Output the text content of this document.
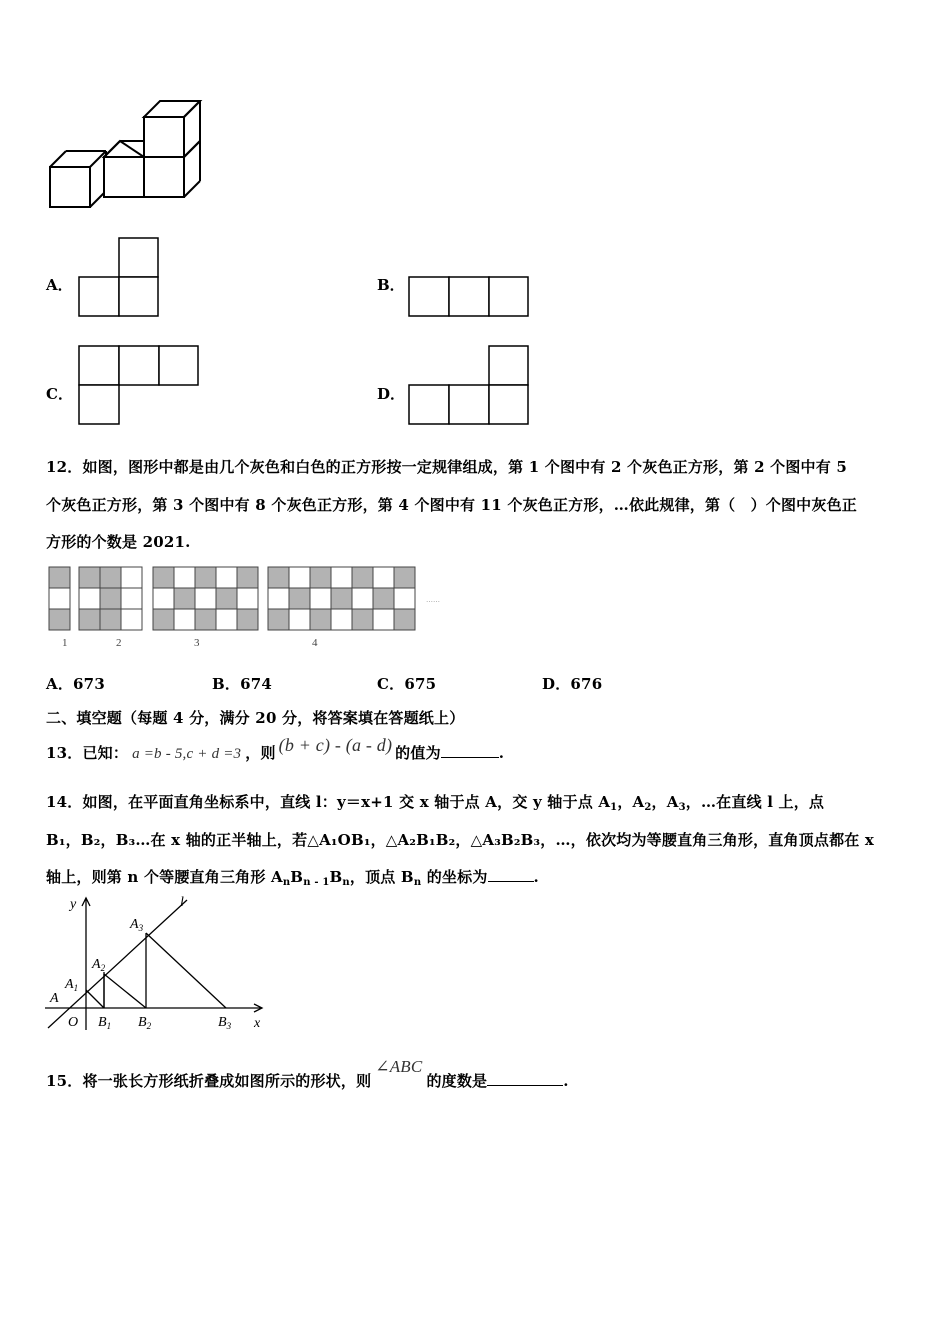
A．	B．
C．	D．
12．如图，图形中都是由几个灰色和白色的正方形按一定规律组成，第 1 个图中有 2 个灰色正方形，第 2 个图中有 5
个灰色正方形，第 3 个图中有 8 个灰色正方形，第 4 个图中有 11 个灰色正方形，…依此规律，第（　）个图中灰色正
方形的个数是 2021.
1	2	3	4
……
A．673	B．674	C．675	D．676
二、填空题（每题 4 分，满分 20 分，将答案填在答题纸上）
13．已知： a =b - 5,c + d =3 ，则 (b + c) - (a - d) 的值为	.
14．如图，在平面直角坐标系中，直线 l：y＝x+1 交 x 轴于点 A，交 y 轴于点 $A_1$，$A_2$，$A_3$，…在直线 l 上，点
B₁，B₂，B₃…在 x 轴的正半轴上，若△A₁OB₁，△A₂B₁B₂，△A₃B₂B₃，…，依次均为等腰直角三角形，直角顶点都在 x
轴上，则第 n 个等腰直角三角形 $A_nB_{n - 1}B_n$，顶点 $B_n$ 的坐标为	.
y
x
l
O
A
$A_1$
$A_2$
$A_3$
$B_1$ $B_2$	$B_3$
15．将一张长方形纸折叠成如图所示的形状，则∠ABC的度数是	.
